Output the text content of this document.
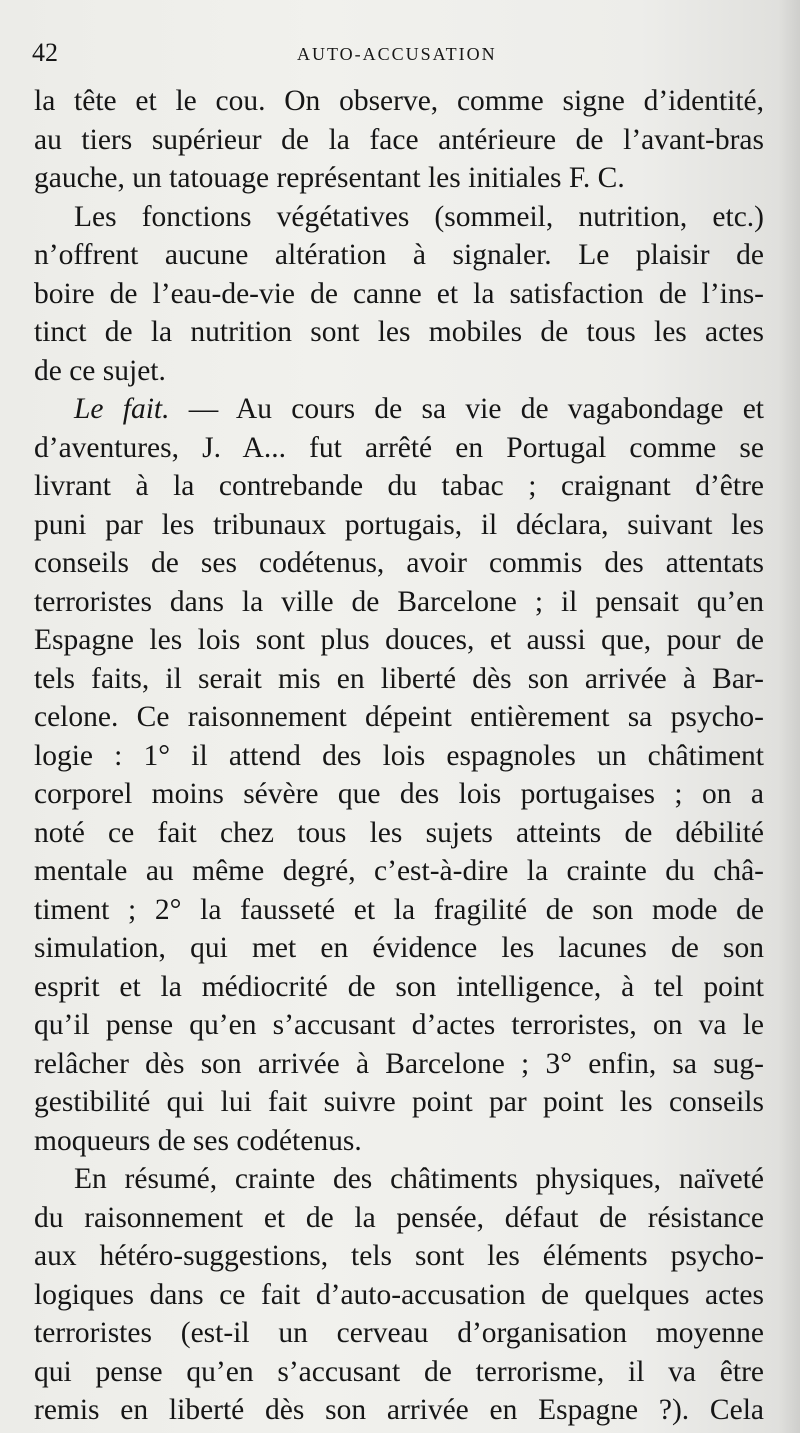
42	AUTO-ACCUSATION
la tête et le cou. On observe, comme signe d’identité,
au tiers supérieur de la face antérieure de l’avant-bras
gauche, un tatouage représentant les initiales F. C.
Les fonctions végétatives (sommeil, nutrition, etc.)
n’offrent aucune altération à signaler. Le plaisir de
boire de l’eau-de-vie de canne et la satisfaction de l’ins-
tinct de la nutrition sont les mobiles de tous les actes
de ce sujet.
Le fait. — Au cours de sa vie de vagabondage et
d’aventures, J. A... fut arrêté en Portugal comme se
livrant à la contrebande du tabac ; craignant d’être
puni par les tribunaux portugais, il déclara, suivant les
conseils de ses codétenus, avoir commis des attentats
terroristes dans la ville de Barcelone ; il pensait qu’en
Espagne les lois sont plus douces, et aussi que, pour de
tels faits, il serait mis en liberté dès son arrivée à Bar-
celone. Ce raisonnement dépeint entièrement sa psycho-
logie : 1° il attend des lois espagnoles un châtiment
corporel moins sévère que des lois portugaises ; on a
noté ce fait chez tous les sujets atteints de débilité
mentale au même degré, c’est-à-dire la crainte du châ-
timent ; 2° la fausseté et la fragilité de son mode de
simulation, qui met en évidence les lacunes de son
esprit et la médiocrité de son intelligence, à tel point
qu’il pense qu’en s’accusant d’actes terroristes, on va le
relâcher dès son arrivée à Barcelone ; 3° enfin, sa sug-
gestibilité qui lui fait suivre point par point les conseils
moqueurs de ses codétenus.
En résumé, crainte des châtiments physiques, naïveté
du raisonnement et de la pensée, défaut de résistance
aux hétéro-suggestions, tels sont les éléments psycho-
logiques dans ce fait d’auto-accusation de quelques actes
terroristes (est-il un cerveau d’organisation moyenne
qui pense qu’en s’accusant de terrorisme, il va être
remis en liberté dès son arrivée en Espagne ?). Cela
